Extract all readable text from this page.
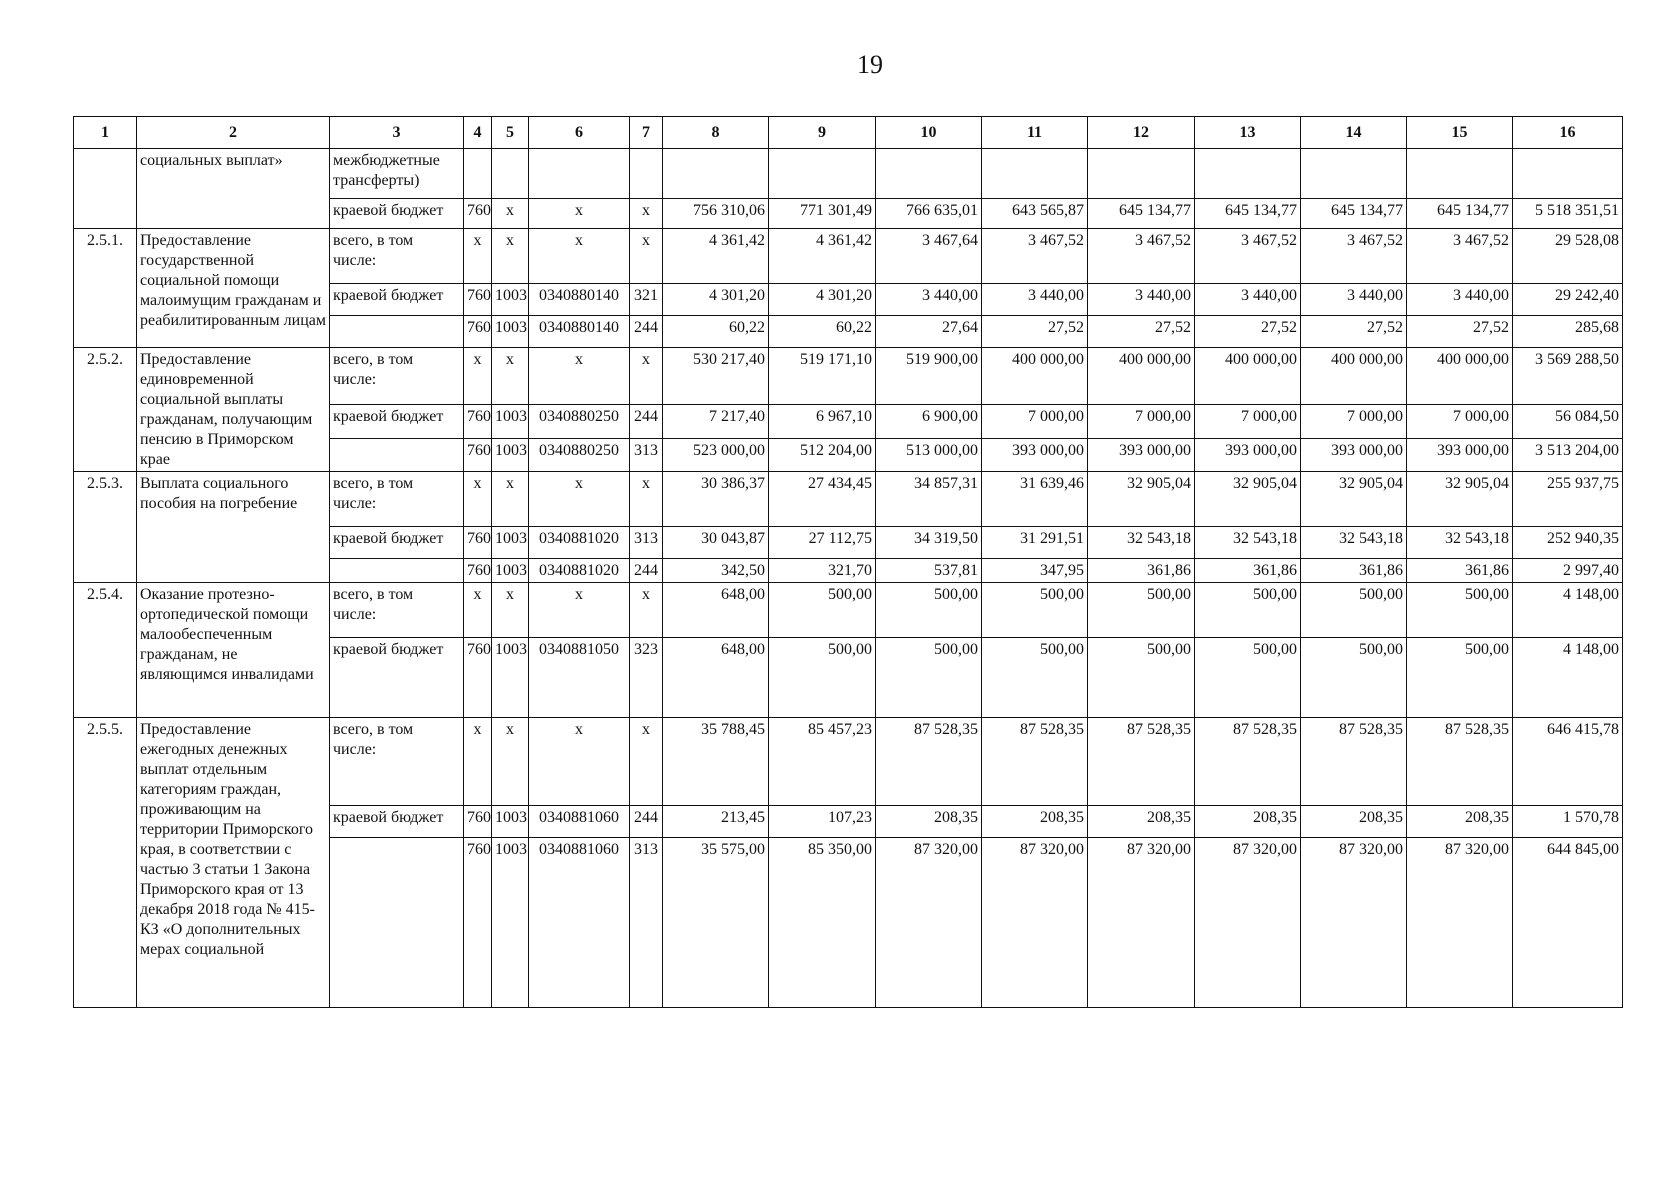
19
1	2	3	4	5	6	7	8	9	10	11	12	13	14	15	16
	социальных выплат»	межбюджетные трансферты)													
		краевой бюджет	760	x	x	x	756 310,06	771 301,49	766 635,01	643 565,87	645 134,77	645 134,77	645 134,77	645 134,77	5 518 351,51
2.5.1.	Предоставление государственной социальной помощи малоимущим гражданам и реабилитированным лицам	всего, в том числе:	x	x	x	x	4 361,42	4 361,42	3 467,64	3 467,52	3 467,52	3 467,52	3 467,52	3 467,52	29 528,08
		краевой бюджет	760	1003	0340880140	321	4 301,20	4 301,20	3 440,00	3 440,00	3 440,00	3 440,00	3 440,00	3 440,00	29 242,40
			760	1003	0340880140	244	60,22	60,22	27,64	27,52	27,52	27,52	27,52	27,52	285,68
2.5.2.	Предоставление единовременной социальной выплаты гражданам, получающим пенсию в Приморском крае	всего, в том числе:	x	x	x	x	530 217,40	519 171,10	519 900,00	400 000,00	400 000,00	400 000,00	400 000,00	400 000,00	3 569 288,50
		краевой бюджет	760	1003	0340880250	244	7 217,40	6 967,10	6 900,00	7 000,00	7 000,00	7 000,00	7 000,00	7 000,00	56 084,50
			760	1003	0340880250	313	523 000,00	512 204,00	513 000,00	393 000,00	393 000,00	393 000,00	393 000,00	393 000,00	3 513 204,00
2.5.3.	Выплата социального пособия на погребение	всего, в том числе:	x	x	x	x	30 386,37	27 434,45	34 857,31	31 639,46	32 905,04	32 905,04	32 905,04	32 905,04	255 937,75
		краевой бюджет	760	1003	0340881020	313	30 043,87	27 112,75	34 319,50	31 291,51	32 543,18	32 543,18	32 543,18	32 543,18	252 940,35
			760	1003	0340881020	244	342,50	321,70	537,81	347,95	361,86	361,86	361,86	361,86	2 997,40
2.5.4.	Оказание протезно-ортопедической помощи малообеспеченным гражданам, не являющимся инвалидами	всего, в том числе:	x	x	x	x	648,00	500,00	500,00	500,00	500,00	500,00	500,00	500,00	4 148,00
		краевой бюджет	760	1003	0340881050	323	648,00	500,00	500,00	500,00	500,00	500,00	500,00	500,00	4 148,00
2.5.5.	Предоставление ежегодных денежных выплат отдельным категориям граждан, проживающим на территории Приморского края, в соответствии с частью 3 статьи 1 Закона Приморского края от 13 декабря 2018 года № 415-КЗ «О дополнительных мерах социальной	всего, в том числе:	x	x	x	x	35 788,45	85 457,23	87 528,35	87 528,35	87 528,35	87 528,35	87 528,35	87 528,35	646 415,78
		краевой бюджет	760	1003	0340881060	244	213,45	107,23	208,35	208,35	208,35	208,35	208,35	208,35	1 570,78
			760	1003	0340881060	313	35 575,00	85 350,00	87 320,00	87 320,00	87 320,00	87 320,00	87 320,00	87 320,00	644 845,00
